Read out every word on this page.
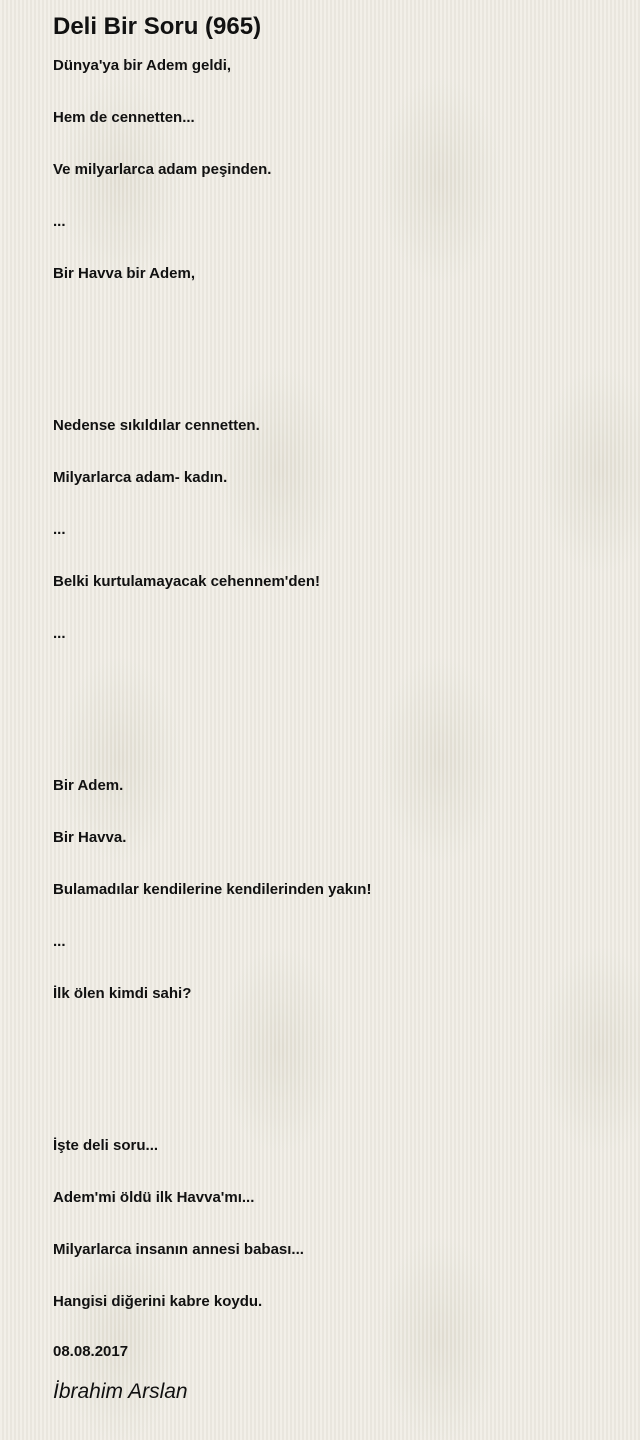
Deli Bir Soru (965)

Dünya'ya bir Adem geldi,

Hem de cennetten...

Ve milyarlarca adam peşinden.

...

Bir Havva bir Adem,

Nedense sıkıldılar cennetten.

Milyarlarca adam- kadın.

...

Belki kurtulamayacak cehennem'den!

...

Bir Adem.

Bir Havva.

Bulamadılar kendilerine kendilerinden yakın!

...

İlk ölen kimdi sahi?

İşte deli soru...

Adem'mi öldü ilk Havva'mı...

Milyarlarca insanın annesi babası...

Hangisi diğerini kabre koydu.

08.08.2017

İbrahim Arslan
